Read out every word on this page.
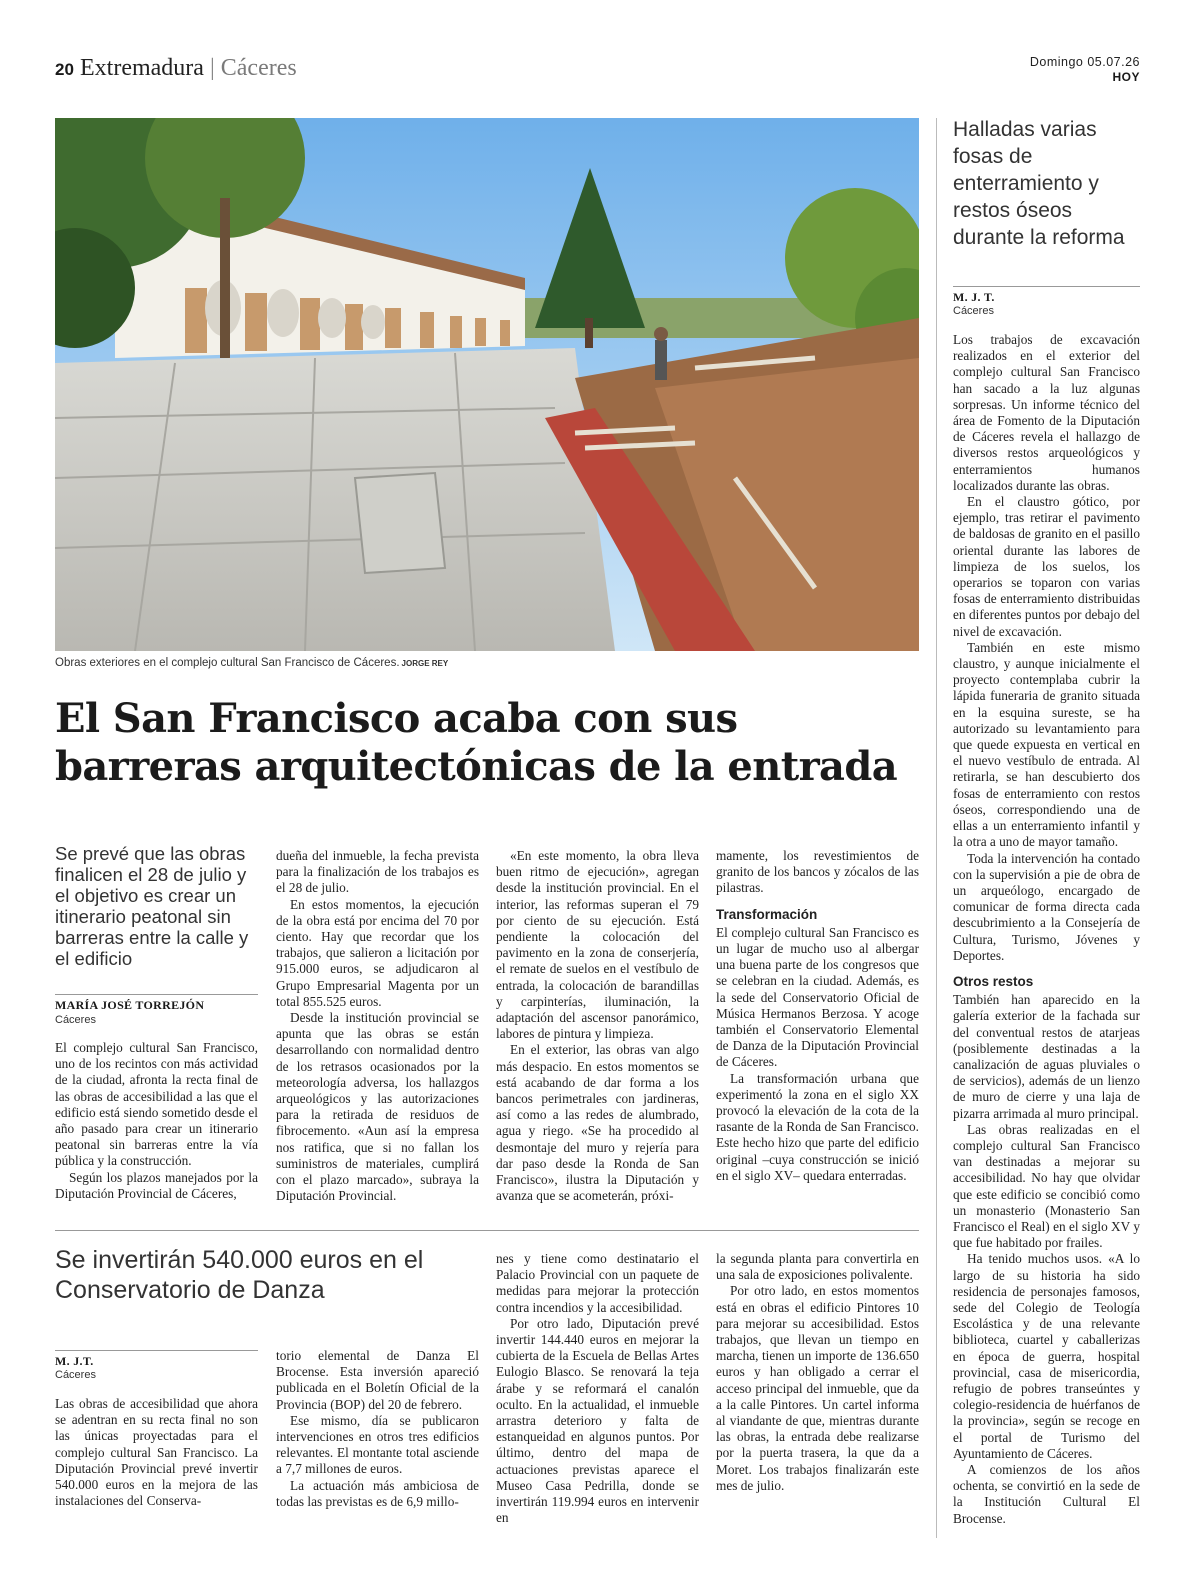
20 Extremadura | Cáceres	Domingo 05.07.26
HOY
Obras exteriores en el complejo cultural San Francisco de Cáceres. JORGE REY
El San Francisco acaba con sus barreras arquitectónicas de la entrada
Se prevé que las obras finalicen el 28 de julio y el objetivo es crear un itinerario peatonal sin barreras entre la calle y el edificio
MARÍA JOSÉ TORREJÓN
Cáceres

El complejo cultural San Francisco, uno de los recintos con más actividad de la ciudad, afronta la recta final de las obras de accesibilidad a las que el edificio está siendo sometido desde el año pasado para crear un itinerario peatonal sin barreras entre la vía pública y la construcción.

Según los plazos manejados por la Diputación Provincial de Cáceres,

dueña del inmueble, la fecha prevista para la finalización de los trabajos es el 28 de julio.

En estos momentos, la ejecución de la obra está por encima del 70 por ciento. Hay que recordar que los trabajos, que salieron a licitación por 915.000 euros, se adjudicaron al Grupo Empresarial Magenta por un total 855.525 euros.

Desde la institución provincial se apunta que las obras se están desarrollando con normalidad dentro de los retrasos ocasionados por la meteorología adversa, los hallazgos arqueológicos y las autorizaciones para la retirada de residuos de fibrocemento. «Aun así la empresa nos ratifica, que si no fallan los suministros de materiales, cumplirá con el plazo marcado», subraya la Diputación Provincial.

«En este momento, la obra lleva buen ritmo de ejecución», agregan desde la institución provincial. En el interior, las reformas superan el 79 por ciento de su ejecución. Está pendiente la colocación del pavimento en la zona de conserjería, el remate de suelos en el vestíbulo de entrada, la colocación de barandillas y carpinterías, iluminación, la adaptación del ascensor panorámico, labores de pintura y limpieza.

En el exterior, las obras van algo más despacio. En estos momentos se está acabando de dar forma a los bancos perimetrales con jardineras, así como a las redes de alumbrado, agua y riego. «Se ha procedido al desmontaje del muro y rejería para dar paso desde la Ronda de San Francisco», ilustra la Diputación y avanza que se acometerán, próxi-

mamente, los revestimientos de granito de los bancos y zócalos de las pilastras.

Transformación

El complejo cultural San Francisco es un lugar de mucho uso al albergar una buena parte de los congresos que se celebran en la ciudad. Además, es la sede del Conservatorio Oficial de Música Hermanos Berzosa. Y acoge también el Conservatorio Elemental de Danza de la Diputación Provincial de Cáceres.

La transformación urbana que experimentó la zona en el siglo XX provocó la elevación de la cota de la rasante de la Ronda de San Francisco. Este hecho hizo que parte del edificio original –cuya construcción se inició en el siglo XV– quedara enterradas.

Halladas varias fosas de enterramiento y restos óseos durante la reforma
M. J. T.
Cáceres

Los trabajos de excavación realizados en el exterior del complejo cultural San Francisco han sacado a la luz algunas sorpresas. Un informe técnico del área de Fomento de la Diputación de Cáceres revela el hallazgo de diversos restos arqueológicos y enterramientos humanos localizados durante las obras.

En el claustro gótico, por ejemplo, tras retirar el pavimento de baldosas de granito en el pasillo oriental durante las labores de limpieza de los suelos, los operarios se toparon con varias fosas de enterramiento distribuidas en diferentes puntos por debajo del nivel de excavación.

También en este mismo claustro, y aunque inicialmente el proyecto contemplaba cubrir la lápida funeraria de granito situada en la esquina sureste, se ha autorizado su levantamiento para que quede expuesta en vertical en el nuevo vestíbulo de entrada. Al retirarla, se han descubierto dos fosas de enterramiento con restos óseos, correspondiendo una de ellas a un enterramiento infantil y la otra a uno de mayor tamaño.

Toda la intervención ha contado con la supervisión a pie de obra de un arqueólogo, encargado de comunicar de forma directa cada descubrimiento a la Consejería de Cultura, Turismo, Jóvenes y Deportes.

Otros restos

También han aparecido en la galería exterior de la fachada sur del conventual restos de atarjeas (posiblemente destinadas a la canalización de aguas pluviales o de servicios), además de un lienzo de muro de cierre y una laja de pizarra arrimada al muro principal.

Las obras realizadas en el complejo cultural San Francisco van destinadas a mejorar su accesibilidad. No hay que olvidar que este edificio se concibió como un monasterio (Monasterio San Francisco el Real) en el siglo XV y que fue habitado por frailes.

Ha tenido muchos usos. «A lo largo de su historia ha sido residencia de personajes famosos, sede del Colegio de Teología Escolástica y de una relevante biblioteca, cuartel y caballerizas en época de guerra, hospital provincial, casa de misericordia, refugio de pobres transeúntes y colegio-residencia de huérfanos de la provincia», según se recoge en el portal de Turismo del Ayuntamiento de Cáceres.

A comienzos de los años ochenta, se convirtió en la sede de la Institución Cultural El Brocense.

Se invertirán 540.000 euros en el Conservatorio de Danza
M. J.T.
Cáceres

Las obras de accesibilidad que ahora se adentran en su recta final no son las únicas proyectadas para el complejo cultural San Francisco. La Diputación Provincial prevé invertir 540.000 euros en la mejora de las instalaciones del Conserva-

torio elemental de Danza El Brocense. Esta inversión apareció publicada en el Boletín Oficial de la Provincia (BOP) del 20 de febrero.

Ese mismo, día se publicaron intervenciones en otros tres edificios relevantes. El montante total asciende a 7,7 millones de euros.

La actuación más ambiciosa de todas las previstas es de 6,9 millo-

nes y tiene como destinatario el Palacio Provincial con un paquete de medidas para mejorar la protección contra incendios y la accesibilidad.

Por otro lado, Diputación prevé invertir 144.440 euros en mejorar la cubierta de la Escuela de Bellas Artes Eulogio Blasco. Se renovará la teja árabe y se reformará el canalón oculto. En la actualidad, el inmueble arrastra deterioro y falta de estanqueidad en algunos puntos. Por último, dentro del mapa de actuaciones previstas aparece el Museo Casa Pedrilla, donde se invertirán 119.994 euros en intervenir en

la segunda planta para convertirla en una sala de exposiciones polivalente.

Por otro lado, en estos momentos está en obras el edificio Pintores 10 para mejorar su accesibilidad. Estos trabajos, que llevan un tiempo en marcha, tienen un importe de 136.650 euros y han obligado a cerrar el acceso principal del inmueble, que da a la calle Pintores. Un cartel informa al viandante de que, mientras durante las obras, la entrada debe realizarse por la puerta trasera, la que da a Moret. Los trabajos finalizarán este mes de julio.
